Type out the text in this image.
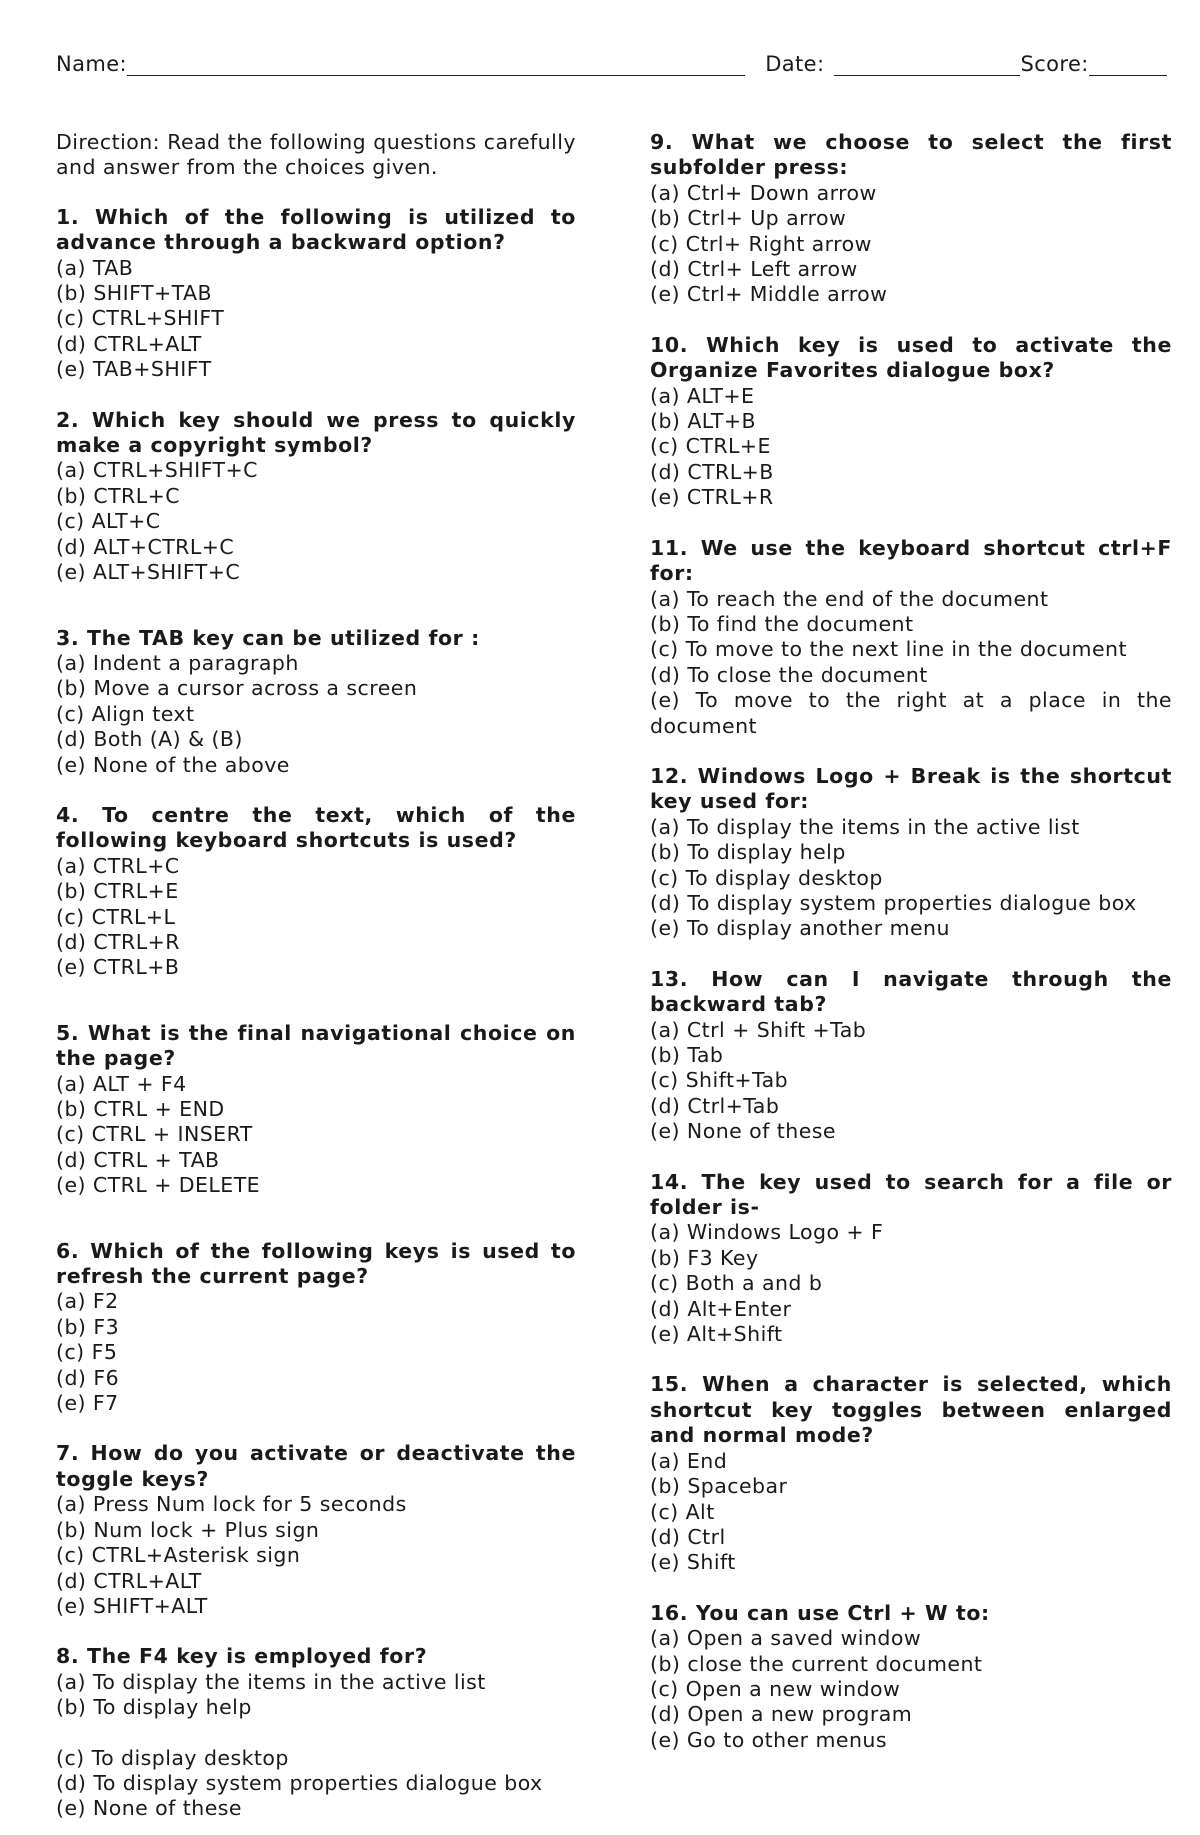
Name:	Date:	Score:
Direction: Read the following questions carefully and answer from the choices given.
1. Which of the following is utilized to advance through a backward option?
(a) TAB
(b) SHIFT+TAB
(c) CTRL+SHIFT
(d) CTRL+ALT
(e) TAB+SHIFT
2. Which key should we press to quickly make a copyright symbol?
(a) CTRL+SHIFT+C
(b) CTRL+C
(c) ALT+C
(d) ALT+CTRL+C
(e) ALT+SHIFT+C
3. The TAB key can be utilized for :
(a) Indent a paragraph
(b) Move a cursor across a screen
(c) Align text
(d) Both (A) & (B)
(e) None of the above
4. To centre the text, which of the following keyboard shortcuts is used?
(a) CTRL+C
(b) CTRL+E
(c) CTRL+L
(d) CTRL+R
(e) CTRL+B
5. What is the final navigational choice on the page?
(a) ALT + F4
(b) CTRL + END
(c) CTRL + INSERT
(d) CTRL + TAB
(e) CTRL + DELETE
6. Which of the following keys is used to refresh the current page?
(a) F2
(b) F3
(c) F5
(d) F6
(e) F7
7. How do you activate or deactivate the toggle keys?
(a) Press Num lock for 5 seconds
(b) Num lock + Plus sign
(c) CTRL+Asterisk sign
(d) CTRL+ALT
(e) SHIFT+ALT
8. The F4 key is employed for?
(a) To display the items in the active list
(b) To display help
(c) To display desktop
(d) To display system properties dialogue box
(e) None of these
9. What we choose to select the first subfolder press:
(a) Ctrl+ Down arrow
(b) Ctrl+ Up arrow
(c) Ctrl+ Right arrow
(d) Ctrl+ Left arrow
(e) Ctrl+ Middle arrow
10. Which key is used to activate the Organize Favorites dialogue box?
(a) ALT+E
(b) ALT+B
(c) CTRL+E
(d) CTRL+B
(e) CTRL+R
11. We use the keyboard shortcut ctrl+F for:
(a) To reach the end of the document
(b) To find the document
(c) To move to the next line in the document
(d) To close the document
(e) To move to the right at a place in the document
12. Windows Logo + Break is the shortcut key used for:
(a) To display the items in the active list
(b) To display help
(c) To display desktop
(d) To display system properties dialogue box
(e) To display another menu
13. How can I navigate through the backward tab?
(a) Ctrl + Shift +Tab
(b) Tab
(c) Shift+Tab
(d) Ctrl+Tab
(e) None of these
14. The key used to search for a file or folder is-
(a) Windows Logo + F
(b) F3 Key
(c) Both a and b
(d) Alt+Enter
(e) Alt+Shift
15. When a character is selected, which shortcut key toggles between enlarged and normal mode?
(a) End
(b) Spacebar
(c) Alt
(d) Ctrl
(e) Shift
16. You can use Ctrl + W to:
(a) Open a saved window
(b) close the current document
(c) Open a new window
(d) Open a new program
(e) Go to other menus
